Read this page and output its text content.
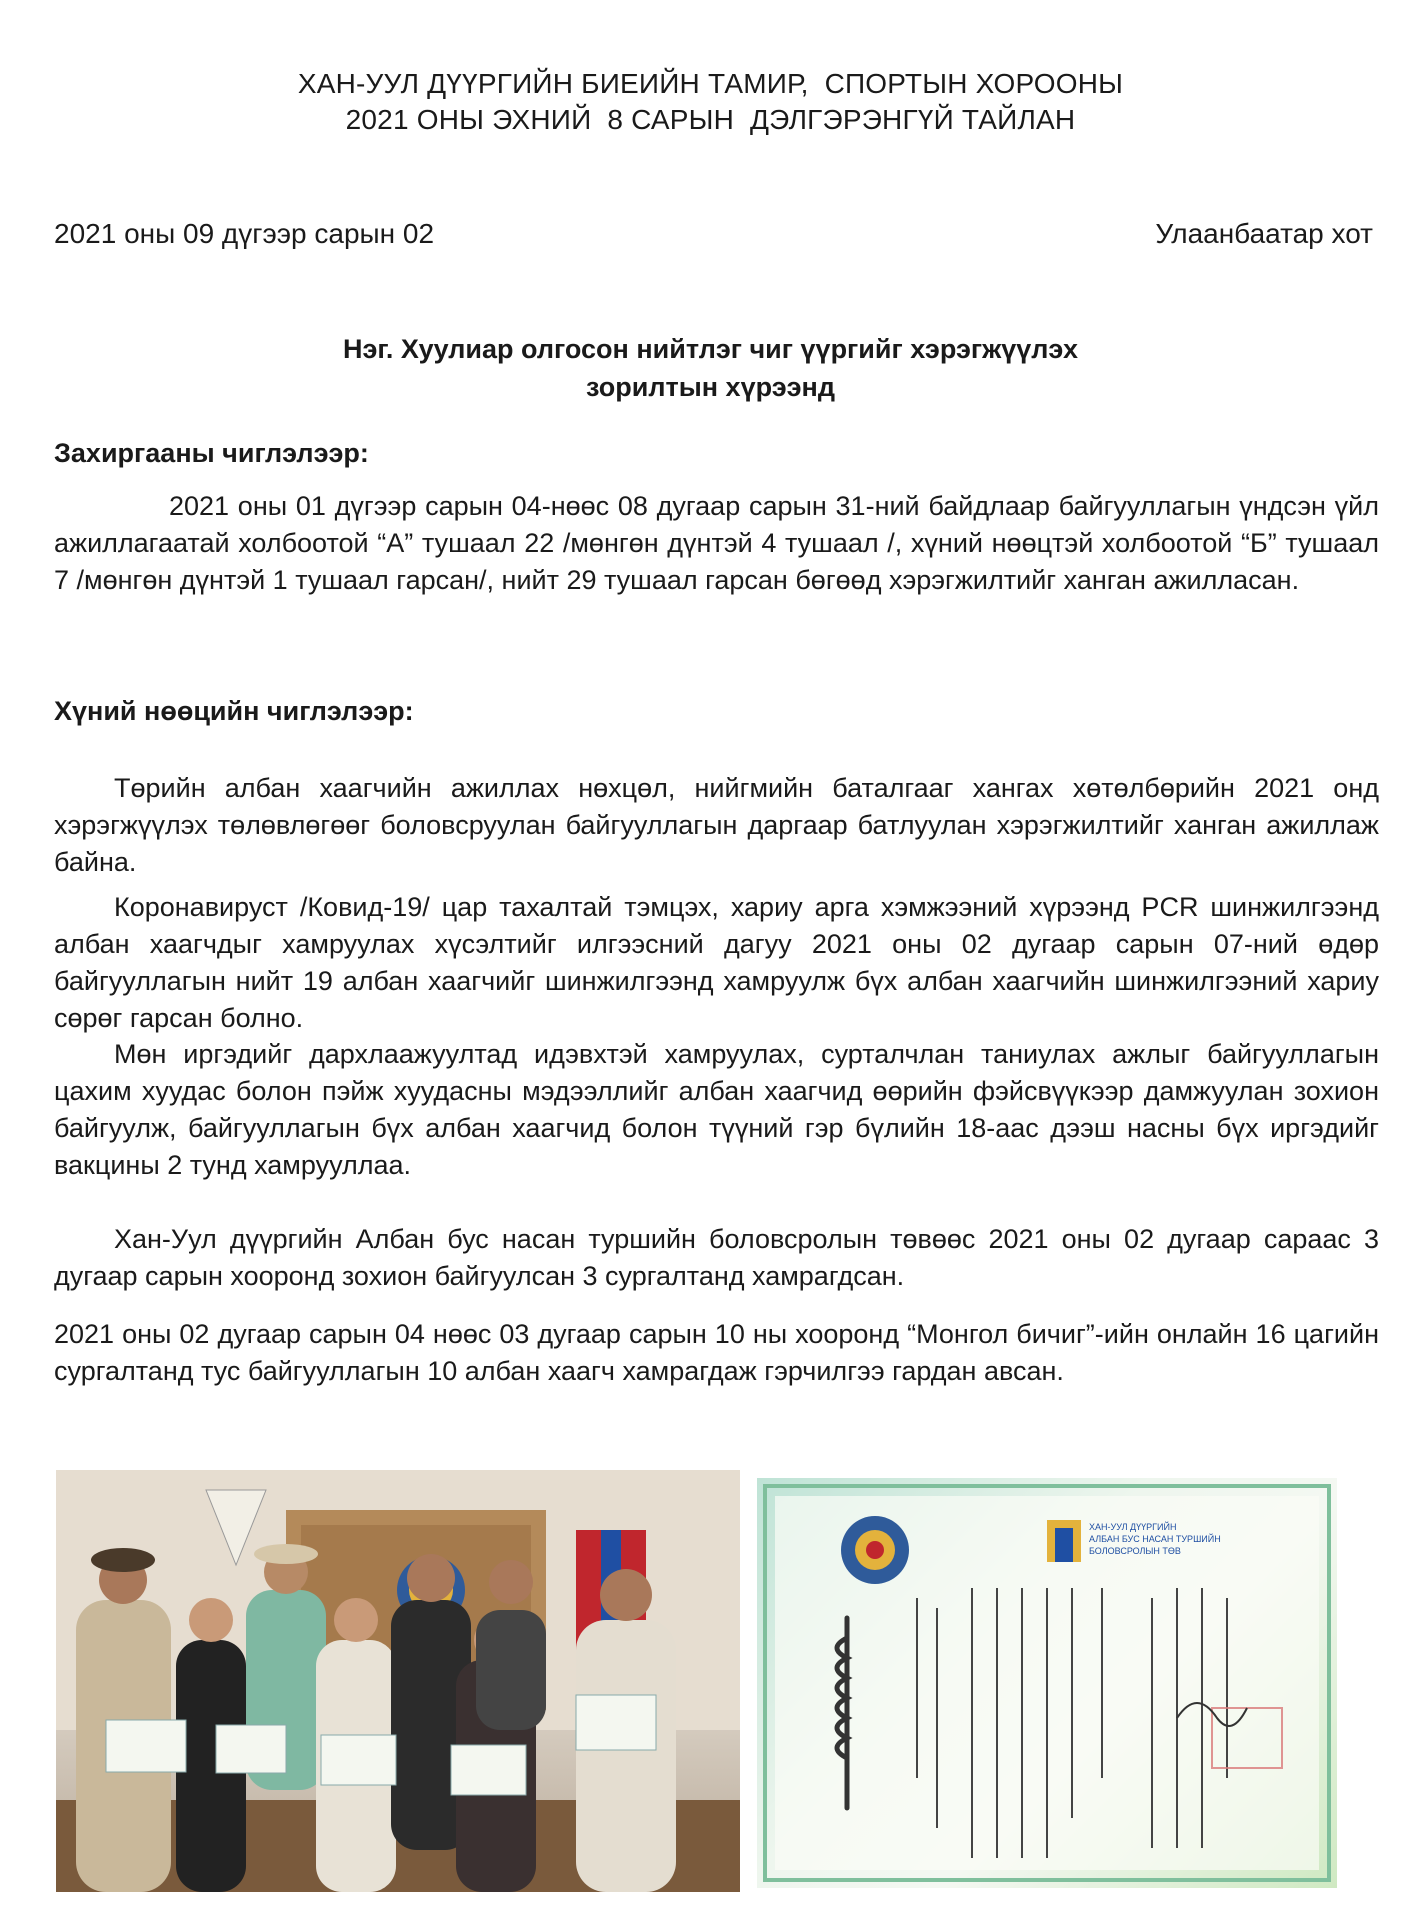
ХАН-УУЛ ДҮҮРГИЙН БИЕИЙН ТАМИР,  СПОРТЫН ХОРООНЫ
2021 ОНЫ ЭХНИЙ  8 САРЫН  ДЭЛГЭРЭНГҮЙ ТАЙЛАН
2021 оны 09 дүгээр сарын 02	Улаанбаатар хот
Нэг. Хуулиар олгосон нийтлэг чиг үүргийг хэрэгжүүлэх
зорилтын хүрээнд
Захиргааны чиглэлээр:

2021 оны 01 дүгээр сарын 04-нөөс 08 дугаар сарын 31-ний байдлаар байгууллагын үндсэн үйл ажиллагаатай холбоотой “А” тушаал 22 /мөнгөн дүнтэй 4 тушаал /, хүний нөөцтэй холбоотой “Б” тушаал 7 /мөнгөн дүнтэй 1 тушаал гарсан/, нийт 29 тушаал гарсан бөгөөд хэрэгжилтийг ханган ажилласан.

Хүний нөөцийн чиглэлээр:

Төрийн албан хаагчийн ажиллах нөхцөл, нийгмийн баталгааг хангах хөтөлбөрийн 2021 онд хэрэгжүүлэх төлөвлөгөөг боловсруулан байгууллагын даргаар батлуулан хэрэгжилтийг ханган ажиллаж байна.

Коронавируст /Ковид-19/ цар тахалтай тэмцэх, хариу арга хэмжээний хүрээнд PCR шинжилгээнд албан хаагчдыг хамруулах хүсэлтийг илгээсний дагуу 2021 оны 02 дугаар сарын 07-ний өдөр байгууллагын нийт 19 албан хаагчийг шинжилгээнд хамруулж бүх албан хаагчийн шинжилгээний хариу сөрөг гарсан болно.

Мөн иргэдийг дархлаажуултад идэвхтэй хамруулах, сурталчлан таниулах ажлыг байгууллагын цахим хуудас болон пэйж хуудасны мэдээллийг албан хаагчид өөрийн фэйсвүүкээр дамжуулан зохион байгуулж, байгууллагын бүх албан хаагчид болон түүний гэр бүлийн 18-аас дээш насны бүх иргэдийг вакцины 2 тунд хамрууллаа.

Хан-Уул дүүргийн Албан бус насан туршийн боловсролын төвөөс 2021 оны 02 дугаар сараас 3 дугаар сарын хооронд зохион байгуулсан 3 сургалтанд хамрагдсан.

2021 оны 02 дугаар сарын 04 нөөс 03 дугаар сарын 10 ны хооронд “Монгол бичиг”-ийн онлайн 16 цагийн сургалтанд тус байгууллагын 10 албан хаагч хамрагдаж гэрчилгээ гардан авсан.

ХАН-УУЛ ДҮҮРГИЙН
АЛБАН БУС НАСАН ТУРШИЙН
БОЛОВСРОЛЫН ТӨВ
